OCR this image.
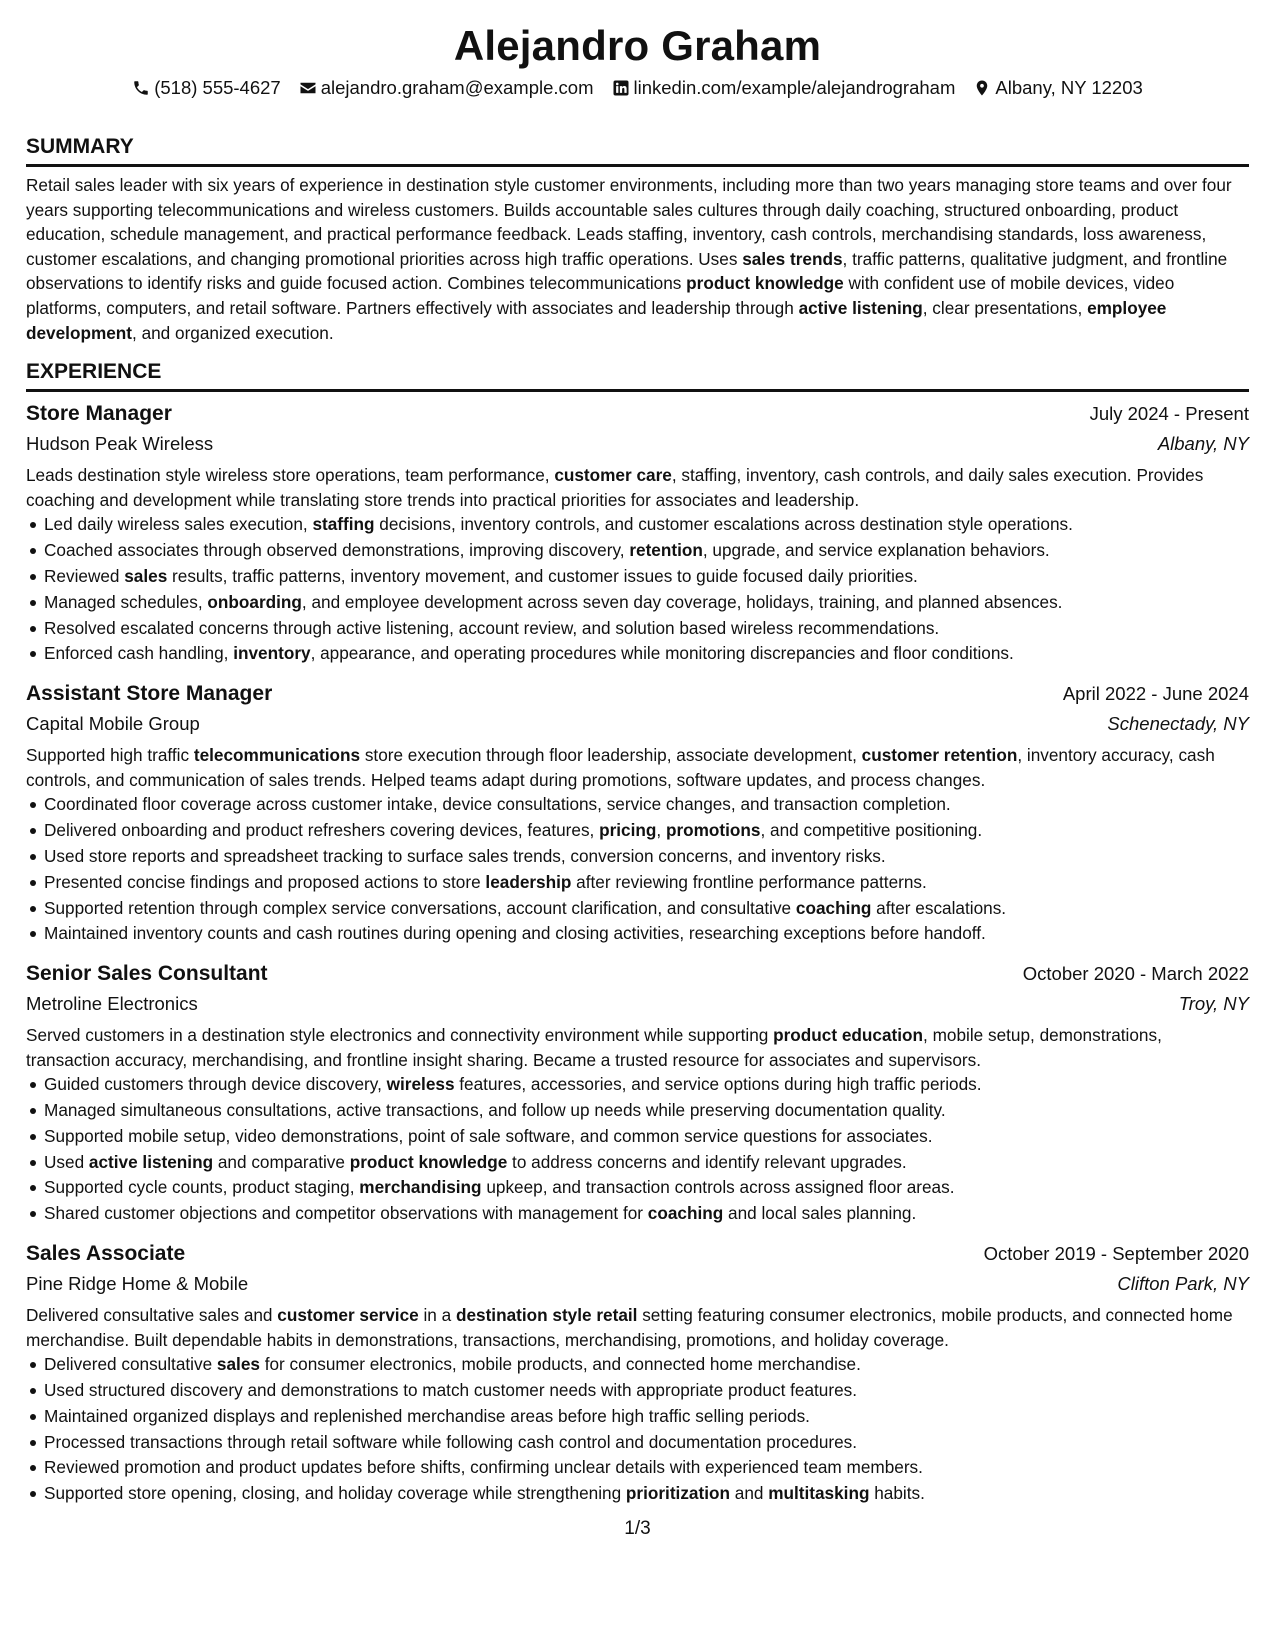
Alejandro Graham
(518) 555-4627 alejandro.graham@example.com linkedin.com/example/alejandrograham Albany, NY 12203
SUMMARY

Retail sales leader with six years of experience in destination style customer environments, including more than two years managing store teams and over four years supporting telecommunications and wireless customers. Builds accountable sales cultures through daily coaching, structured onboarding, product education, schedule management, and practical performance feedback. Leads staffing, inventory, cash controls, merchandising standards, loss awareness, customer escalations, and changing promotional priorities across high traffic operations. Uses sales trends, traffic patterns, qualitative judgment, and frontline observations to identify risks and guide focused action. Combines telecommunications product knowledge with confident use of mobile devices, video platforms, computers, and retail software. Partners effectively with associates and leadership through active listening, clear presentations, employee development, and organized execution.

EXPERIENCE
Store Manager	July 2024 - Present
Hudson Peak Wireless	Albany, NY

Leads destination style wireless store operations, team performance, customer care, staffing, inventory, cash controls, and daily sales execution. Provides coaching and development while translating store trends into practical priorities for associates and leadership.

Led daily wireless sales execution, staffing decisions, inventory controls, and customer escalations across destination style operations.
Coached associates through observed demonstrations, improving discovery, retention, upgrade, and service explanation behaviors.
Reviewed sales results, traffic patterns, inventory movement, and customer issues to guide focused daily priorities.
Managed schedules, onboarding, and employee development across seven day coverage, holidays, training, and planned absences.
Resolved escalated concerns through active listening, account review, and solution based wireless recommendations.
Enforced cash handling, inventory, appearance, and operating procedures while monitoring discrepancies and floor conditions.
Assistant Store Manager	April 2022 - June 2024
Capital Mobile Group	Schenectady, NY

Supported high traffic telecommunications store execution through floor leadership, associate development, customer retention, inventory accuracy, cash controls, and communication of sales trends. Helped teams adapt during promotions, software updates, and process changes.

Coordinated floor coverage across customer intake, device consultations, service changes, and transaction completion.
Delivered onboarding and product refreshers covering devices, features, pricing, promotions, and competitive positioning.
Used store reports and spreadsheet tracking to surface sales trends, conversion concerns, and inventory risks.
Presented concise findings and proposed actions to store leadership after reviewing frontline performance patterns.
Supported retention through complex service conversations, account clarification, and consultative coaching after escalations.
Maintained inventory counts and cash routines during opening and closing activities, researching exceptions before handoff.
Senior Sales Consultant	October 2020 - March 2022
Metroline Electronics	Troy, NY

Served customers in a destination style electronics and connectivity environment while supporting product education, mobile setup, demonstrations, transaction accuracy, merchandising, and frontline insight sharing. Became a trusted resource for associates and supervisors.

Guided customers through device discovery, wireless features, accessories, and service options during high traffic periods.
Managed simultaneous consultations, active transactions, and follow up needs while preserving documentation quality.
Supported mobile setup, video demonstrations, point of sale software, and common service questions for associates.
Used active listening and comparative product knowledge to address concerns and identify relevant upgrades.
Supported cycle counts, product staging, merchandising upkeep, and transaction controls across assigned floor areas.
Shared customer objections and competitor observations with management for coaching and local sales planning.
Sales Associate	October 2019 - September 2020
Pine Ridge Home & Mobile	Clifton Park, NY

Delivered consultative sales and customer service in a destination style retail setting featuring consumer electronics, mobile products, and connected home merchandise. Built dependable habits in demonstrations, transactions, merchandising, promotions, and holiday coverage.

Delivered consultative sales for consumer electronics, mobile products, and connected home merchandise.
Used structured discovery and demonstrations to match customer needs with appropriate product features.
Maintained organized displays and replenished merchandise areas before high traffic selling periods.
Processed transactions through retail software while following cash control and documentation procedures.
Reviewed promotion and product updates before shifts, confirming unclear details with experienced team members.
Supported store opening, closing, and holiday coverage while strengthening prioritization and multitasking habits.
1/3
